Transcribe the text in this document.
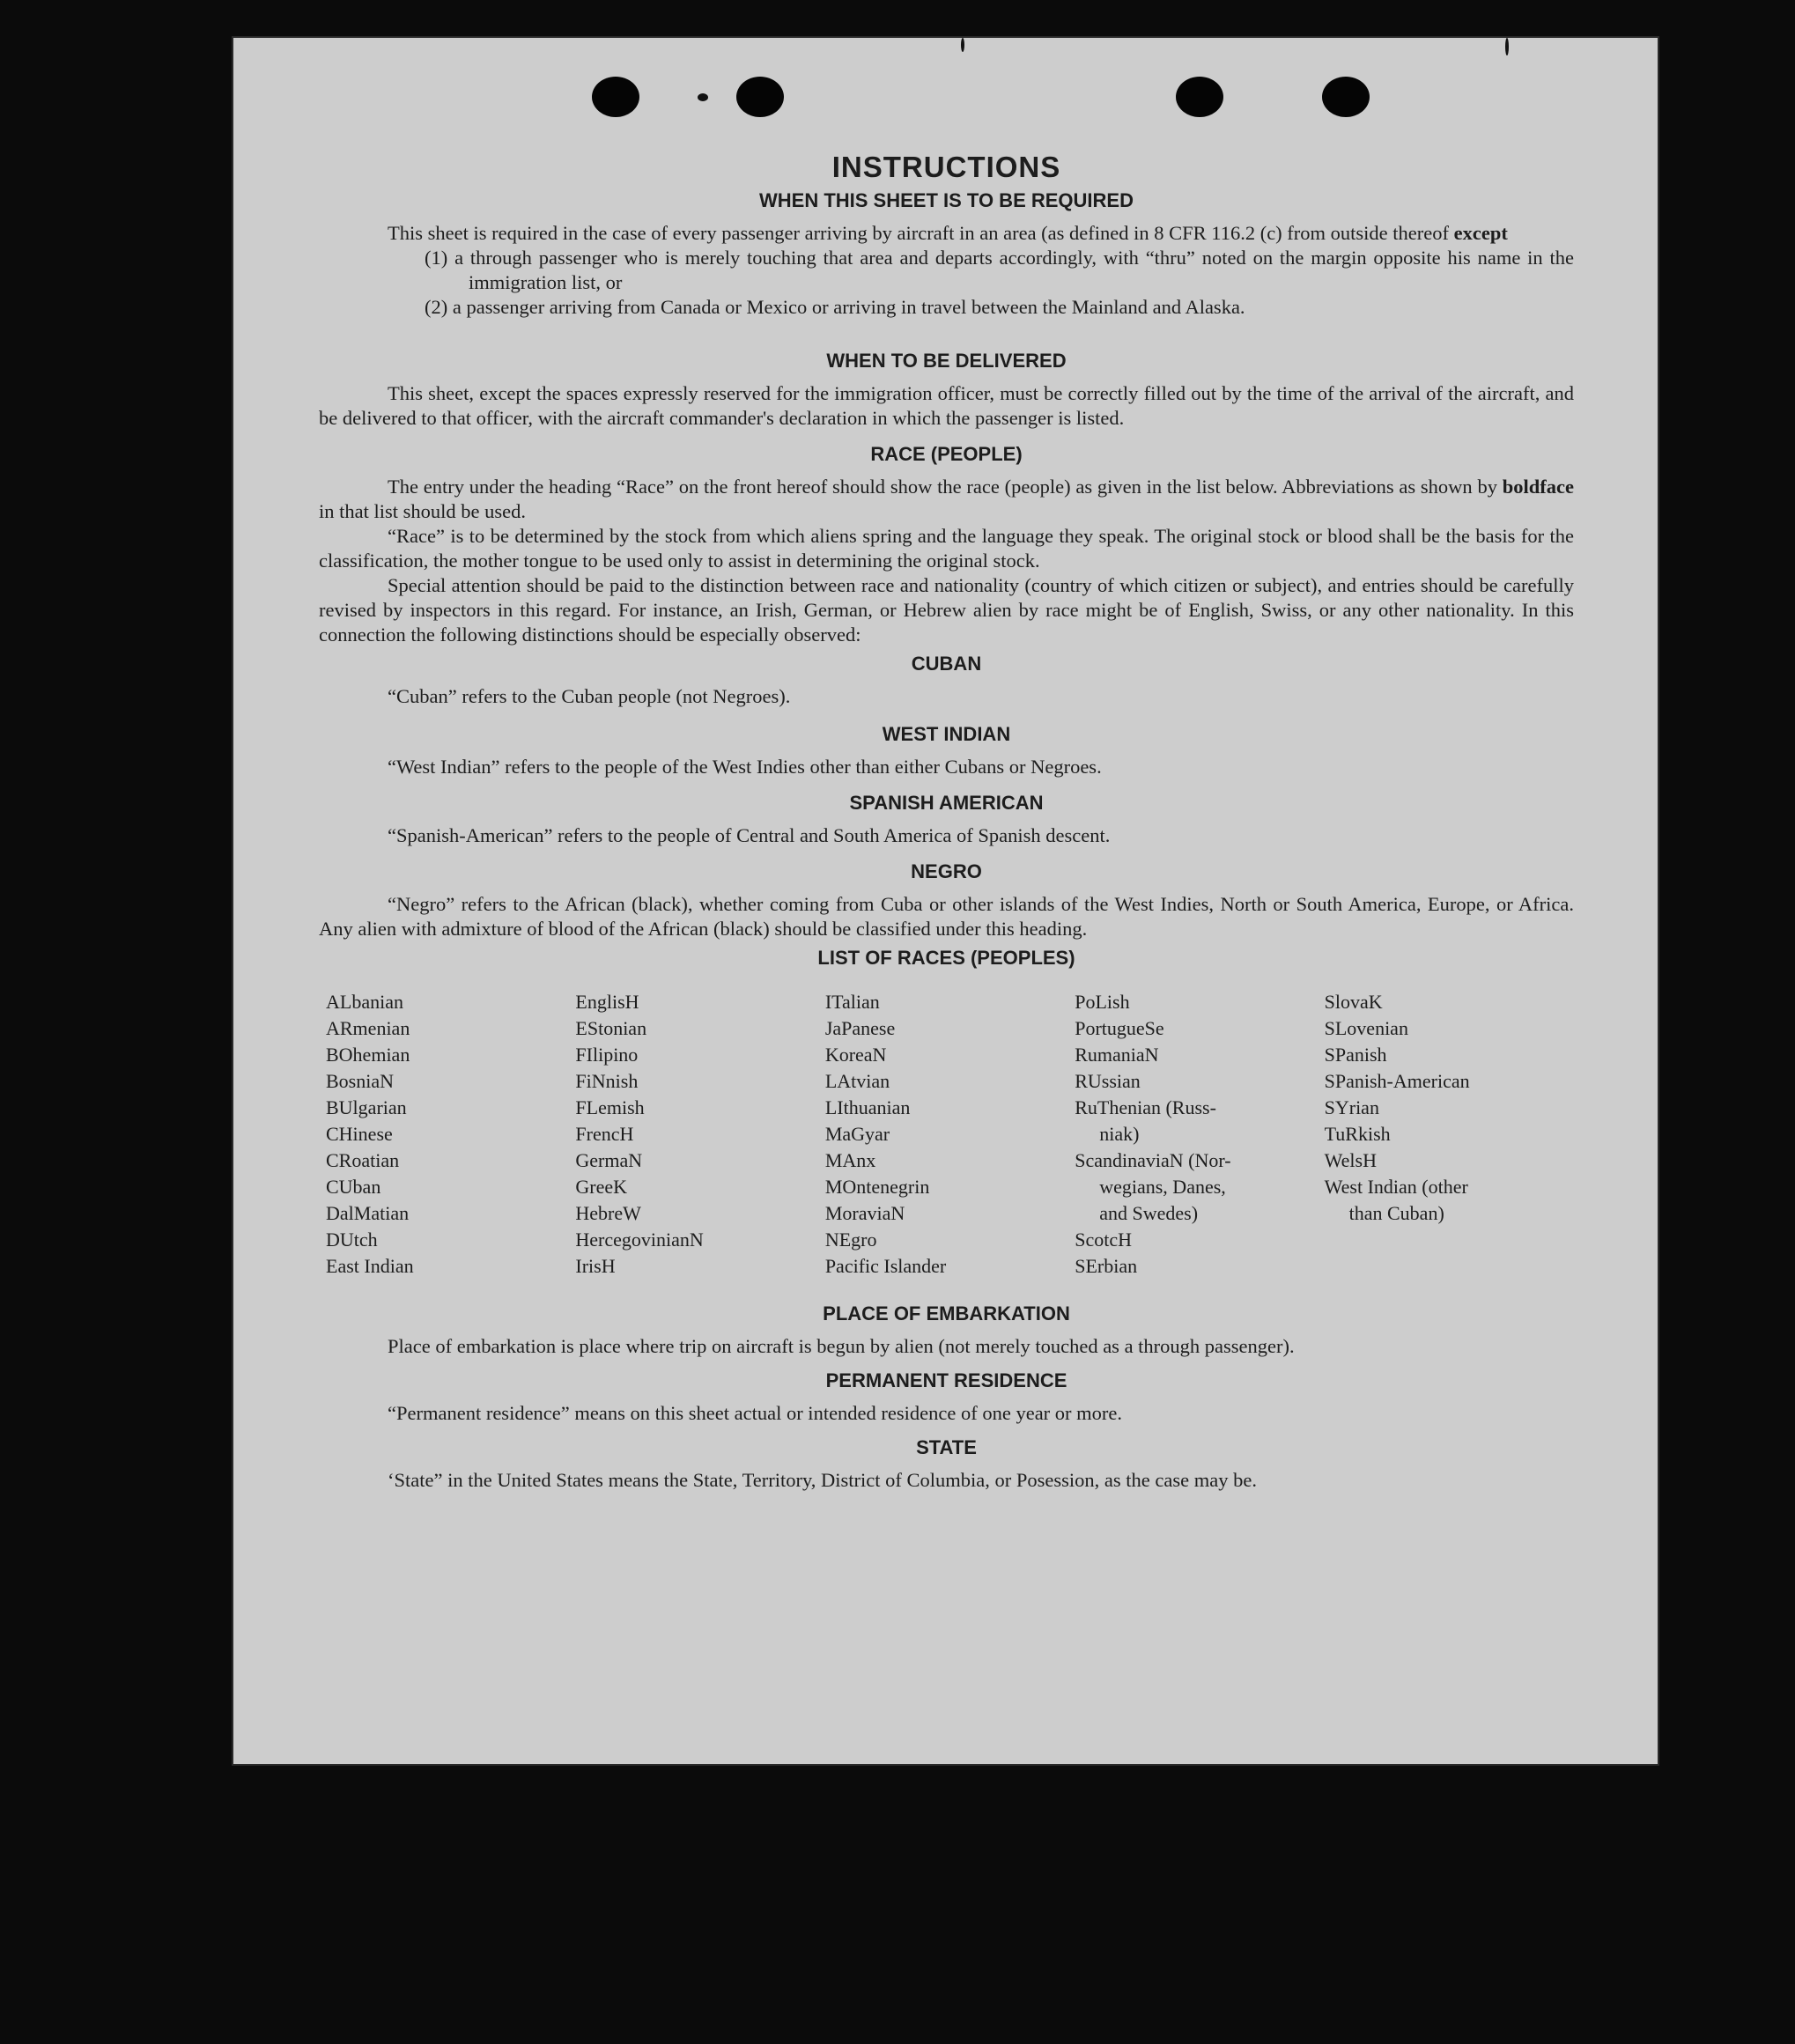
INSTRUCTIONS
WHEN THIS SHEET IS TO BE REQUIRED

This sheet is required in the case of every passenger arriving by aircraft in an area (as defined in 8 CFR 116.2 (c) from outside thereof except

(1) a through passenger who is merely touching that area and departs accordingly, with “thru” noted on the margin opposite his name in the immigration list, or

(2) a passenger arriving from Canada or Mexico or arriving in travel between the Mainland and Alaska.

WHEN TO BE DELIVERED

This sheet, except the spaces expressly reserved for the immigration officer, must be correctly filled out by the time of the arrival of the aircraft, and be delivered to that officer, with the aircraft commander's declaration in which the passenger is listed.

RACE (PEOPLE)

The entry under the heading “Race” on the front hereof should show the race (people) as given in the list below. Abbreviations as shown by boldface in that list should be used.

“Race” is to be determined by the stock from which aliens spring and the language they speak. The original stock or blood shall be the basis for the classification, the mother tongue to be used only to assist in determining the original stock.

Special attention should be paid to the distinction between race and nationality (country of which citizen or subject), and entries should be carefully revised by inspectors in this regard. For instance, an Irish, German, or Hebrew alien by race might be of English, Swiss, or any other nationality. In this connection the following distinctions should be especially observed:

CUBAN

“Cuban” refers to the Cuban people (not Negroes).

WEST INDIAN

“West Indian” refers to the people of the West Indies other than either Cubans or Negroes.

SPANISH AMERICAN

“Spanish-American” refers to the people of Central and South America of Spanish descent.

NEGRO

“Negro” refers to the African (black), whether coming from Cuba or other islands of the West Indies, North or South America, Europe, or Africa. Any alien with admixture of blood of the African (black) should be classified under this heading.

LIST OF RACES (PEOPLES)
ALbanian
ARmenian
BOhemian
BosniaN
BUlgarian
CHinese
CRoatian
CUban
DalMatian
DUtch
East Indian
EnglisH
EStonian
FIlipino
FiNnish
FLemish
FrencH
GermaN
GreeK
HebreW
HercegovinianN
IrisH
ITalian
JaPanese
KoreaN
LAtvian
LIthuanian
MaGyar
MAnx
MOntenegrin
MoraviaN
NEgro
Pacific Islander
PoLish
PortugueSe
RumaniaN
RUssian
RuThenian (Russ-
niak)
ScandinaviaN (Nor-
wegians, Danes,
and Swedes)
ScotcH
SErbian
SlovaK
SLovenian
SPanish
SPanish-American
SYrian
TuRkish
WelsH
West Indian (other
than Cuban)
PLACE OF EMBARKATION

Place of embarkation is place where trip on aircraft is begun by alien (not merely touched as a through passenger).

PERMANENT RESIDENCE

“Permanent residence” means on this sheet actual or intended residence of one year or more.

STATE

‘State” in the United States means the State, Territory, District of Columbia, or Posession, as the case may be.
